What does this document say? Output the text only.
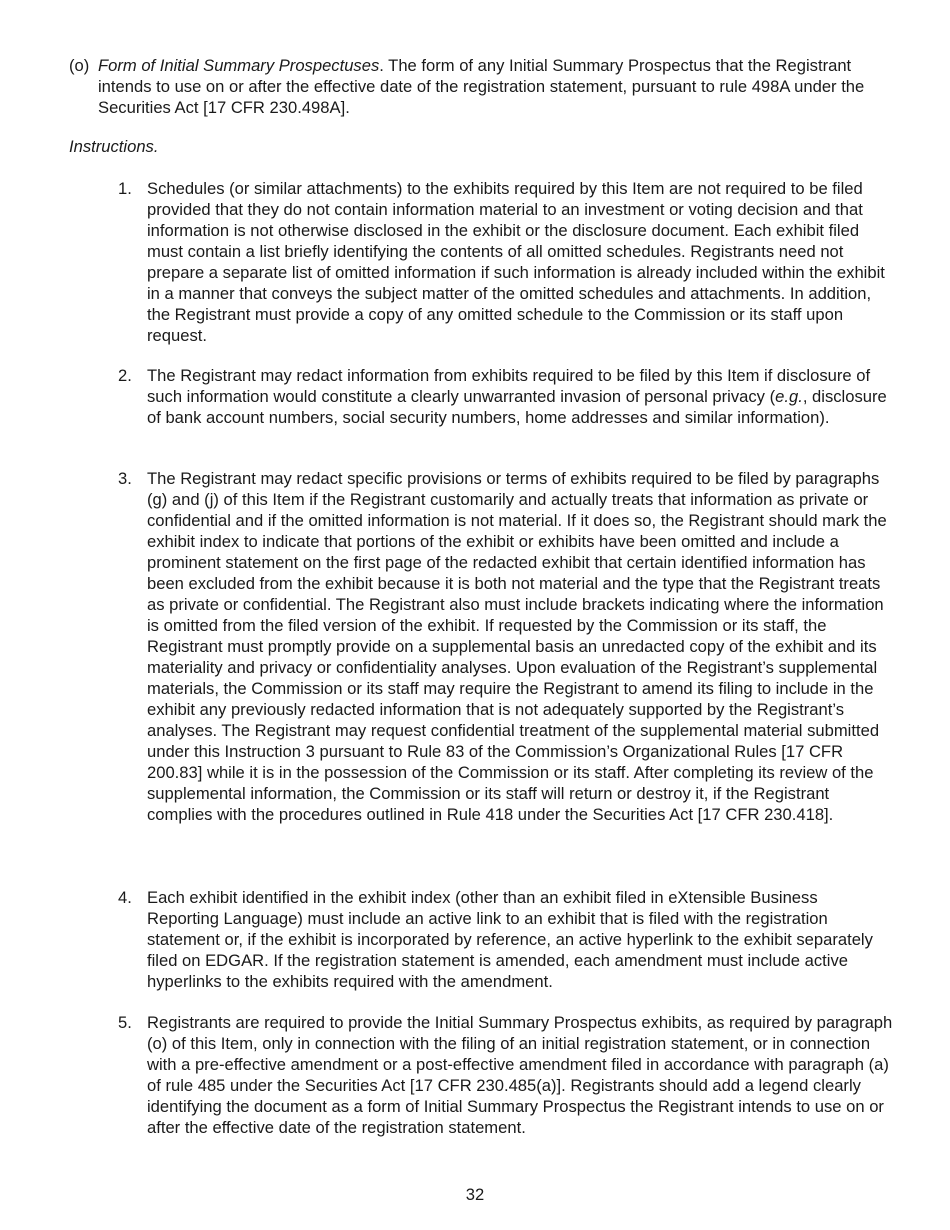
(o) Form of Initial Summary Prospectuses. The form of any Initial Summary Prospectus that the Registrant intends to use on or after the effective date of the registration statement, pursuant to rule 498A under the Securities Act [17 CFR 230.498A].
Instructions.
1. Schedules (or similar attachments) to the exhibits required by this Item are not required to be filed provided that they do not contain information material to an investment or voting decision and that information is not otherwise disclosed in the exhibit or the disclosure document. Each exhibit filed must contain a list briefly identifying the contents of all omitted schedules. Registrants need not prepare a separate list of omitted information if such information is already included within the exhibit in a manner that conveys the subject matter of the omitted schedules and attachments. In addition, the Registrant must provide a copy of any omitted schedule to the Commission or its staff upon request.
2. The Registrant may redact information from exhibits required to be filed by this Item if disclosure of such information would constitute a clearly unwarranted invasion of personal privacy (e.g., disclosure of bank account numbers, social security numbers, home addresses and similar information).
3. The Registrant may redact specific provisions or terms of exhibits required to be filed by paragraphs (g) and (j) of this Item if the Registrant customarily and actually treats that information as private or confidential and if the omitted information is not material. If it does so, the Registrant should mark the exhibit index to indicate that portions of the exhibit or exhibits have been omitted and include a prominent statement on the first page of the redacted exhibit that certain identified information has been excluded from the exhibit because it is both not material and the type that the Registrant treats as private or confidential. The Registrant also must include brackets indicating where the information is omitted from the filed version of the exhibit. If requested by the Commission or its staff, the Registrant must promptly provide on a supplemental basis an unredacted copy of the exhibit and its materiality and privacy or confidentiality analyses. Upon evaluation of the Registrant’s supplemental materials, the Commission or its staff may require the Registrant to amend its filing to include in the exhibit any previously redacted information that is not adequately supported by the Registrant’s analyses. The Registrant may request confidential treatment of the supplemental material submitted under this Instruction 3 pursuant to Rule 83 of the Commission’s Organizational Rules [17 CFR 200.83] while it is in the possession of the Commission or its staff. After completing its review of the supplemental information, the Commission or its staff will return or destroy it, if the Registrant complies with the procedures outlined in Rule 418 under the Securities Act [17 CFR 230.418].
4. Each exhibit identified in the exhibit index (other than an exhibit filed in eXtensible Business Reporting Language) must include an active link to an exhibit that is filed with the registration statement or, if the exhibit is incorporated by reference, an active hyperlink to the exhibit separately filed on EDGAR. If the registration statement is amended, each amendment must include active hyperlinks to the exhibits required with the amendment.
5. Registrants are required to provide the Initial Summary Prospectus exhibits, as required by paragraph (o) of this Item, only in connection with the filing of an initial registration statement, or in connection with a pre-effective amendment or a post-effective amendment filed in accordance with paragraph (a) of rule 485 under the Securities Act [17 CFR 230.485(a)]. Registrants should add a legend clearly identifying the document as a form of Initial Summary Prospectus the Registrant intends to use on or after the effective date of the registration statement.
32
